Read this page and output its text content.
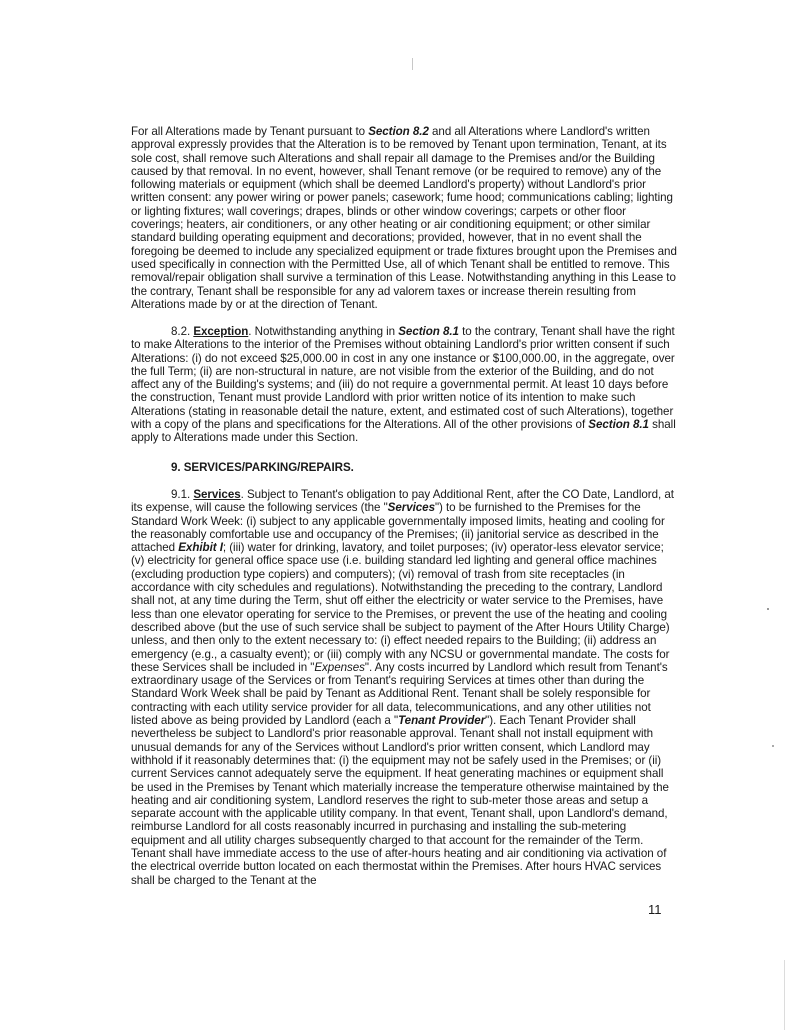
For all Alterations made by Tenant pursuant to Section 8.2 and all Alterations where Landlord's written approval expressly provides that the Alteration is to be removed by Tenant upon termination, Tenant, at its sole cost, shall remove such Alterations and shall repair all damage to the Premises and/or the Building caused by that removal. In no event, however, shall Tenant remove (or be required to remove) any of the following materials or equipment (which shall be deemed Landlord's property) without Landlord's prior written consent: any power wiring or power panels; casework; fume hood; communications cabling; lighting or lighting fixtures; wall coverings; drapes, blinds or other window coverings; carpets or other floor coverings; heaters, air conditioners, or any other heating or air conditioning equipment; or other similar standard building operating equipment and decorations; provided, however, that in no event shall the foregoing be deemed to include any specialized equipment or trade fixtures brought upon the Premises and used specifically in connection with the Permitted Use, all of which Tenant shall be entitled to remove. This removal/repair obligation shall survive a termination of this Lease. Notwithstanding anything in this Lease to the contrary, Tenant shall be responsible for any ad valorem taxes or increase therein resulting from Alterations made by or at the direction of Tenant.
8.2. Exception. Notwithstanding anything in Section 8.1 to the contrary, Tenant shall have the right to make Alterations to the interior of the Premises without obtaining Landlord's prior written consent if such Alterations: (i) do not exceed $25,000.00 in cost in any one instance or $100,000.00, in the aggregate, over the full Term; (ii) are non-structural in nature, are not visible from the exterior of the Building, and do not affect any of the Building's systems; and (iii) do not require a governmental permit. At least 10 days before the construction, Tenant must provide Landlord with prior written notice of its intention to make such Alterations (stating in reasonable detail the nature, extent, and estimated cost of such Alterations), together with a copy of the plans and specifications for the Alterations. All of the other provisions of Section 8.1 shall apply to Alterations made under this Section.
9. SERVICES/PARKING/REPAIRS.
9.1. Services. Subject to Tenant's obligation to pay Additional Rent, after the CO Date, Landlord, at its expense, will cause the following services (the "Services") to be furnished to the Premises for the Standard Work Week: (i) subject to any applicable governmentally imposed limits, heating and cooling for the reasonably comfortable use and occupancy of the Premises; (ii) janitorial service as described in the attached Exhibit I; (iii) water for drinking, lavatory, and toilet purposes; (iv) operator-less elevator service; (v) electricity for general office space use (i.e. building standard led lighting and general office machines (excluding production type copiers) and computers); (vi) removal of trash from site receptacles (in accordance with city schedules and regulations). Notwithstanding the preceding to the contrary, Landlord shall not, at any time during the Term, shut off either the electricity or water service to the Premises, have less than one elevator operating for service to the Premises, or prevent the use of the heating and cooling described above (but the use of such service shall be subject to payment of the After Hours Utility Charge) unless, and then only to the extent necessary to: (i) effect needed repairs to the Building; (ii) address an emergency (e.g., a casualty event); or (iii) comply with any NCSU or governmental mandate. The costs for these Services shall be included in "Expenses". Any costs incurred by Landlord which result from Tenant's extraordinary usage of the Services or from Tenant's requiring Services at times other than during the Standard Work Week shall be paid by Tenant as Additional Rent. Tenant shall be solely responsible for contracting with each utility service provider for all data, telecommunications, and any other utilities not listed above as being provided by Landlord (each a "Tenant Provider"). Each Tenant Provider shall nevertheless be subject to Landlord's prior reasonable approval. Tenant shall not install equipment with unusual demands for any of the Services without Landlord's prior written consent, which Landlord may withhold if it reasonably determines that: (i) the equipment may not be safely used in the Premises; or (ii) current Services cannot adequately serve the equipment. If heat generating machines or equipment shall be used in the Premises by Tenant which materially increase the temperature otherwise maintained by the heating and air conditioning system, Landlord reserves the right to sub-meter those areas and setup a separate account with the applicable utility company. In that event, Tenant shall, upon Landlord's demand, reimburse Landlord for all costs reasonably incurred in purchasing and installing the sub-metering equipment and all utility charges subsequently charged to that account for the remainder of the Term. Tenant shall have immediate access to the use of after-hours heating and air conditioning via activation of the electrical override button located on each thermostat within the Premises. After hours HVAC services shall be charged to the Tenant at the
11
